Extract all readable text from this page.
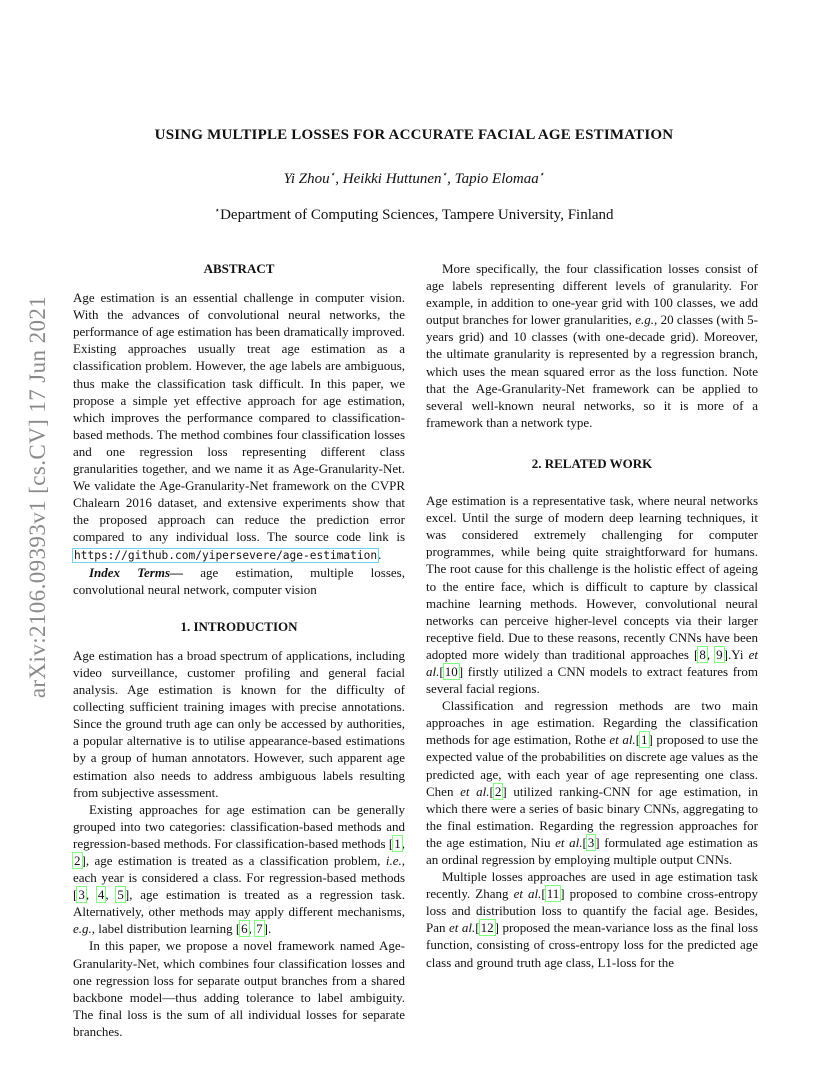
arXiv:2106.09393v1 [cs.CV] 17 Jun 2021
USING MULTIPLE LOSSES FOR ACCURATE FACIAL AGE ESTIMATION
Yi Zhou⋆, Heikki Huttunen⋆, Tapio Elomaa⋆
⋆Department of Computing Sciences, Tampere University, Finland
ABSTRACT

Age estimation is an essential challenge in computer vision. With the advances of convolutional neural networks, the performance of age estimation has been dramatically improved. Existing approaches usually treat age estimation as a classification problem. However, the age labels are ambiguous, thus make the classification task difficult. In this paper, we propose a simple yet effective approach for age estimation, which improves the performance compared to classification-based methods. The method combines four classification losses and one regression loss representing different class granularities together, and we name it as Age-Granularity-Net. We validate the Age-Granularity-Net framework on the CVPR Chalearn 2016 dataset, and extensive experiments show that the proposed approach can reduce the prediction error compared to any individual loss. The source code link is https://github.com/yipersevere/age-estimation.

Index Terms— age estimation, multiple losses, convolutional neural network, computer vision

1. INTRODUCTION

Age estimation has a broad spectrum of applications, including video surveillance, customer profiling and general facial analysis. Age estimation is known for the difficulty of collecting sufficient training images with precise annotations. Since the ground truth age can only be accessed by authorities, a popular alternative is to utilise appearance-based estimations by a group of human annotators. However, such apparent age estimation also needs to address ambiguous labels resulting from subjective assessment.

Existing approaches for age estimation can be generally grouped into two categories: classification-based methods and regression-based methods. For classification-based methods [1, 2], age estimation is treated as a classification problem, i.e., each year is considered a class. For regression-based methods [3, 4, 5], age estimation is treated as a regression task. Alternatively, other methods may apply different mechanisms, e.g., label distribution learning [6, 7].

In this paper, we propose a novel framework named Age-Granularity-Net, which combines four classification losses and one regression loss for separate output branches from a shared backbone model—thus adding tolerance to label ambiguity. The final loss is the sum of all individual losses for separate branches.

More specifically, the four classification losses consist of age labels representing different levels of granularity. For example, in addition to one-year grid with 100 classes, we add output branches for lower granularities, e.g., 20 classes (with 5-years grid) and 10 classes (with one-decade grid). Moreover, the ultimate granularity is represented by a regression branch, which uses the mean squared error as the loss function. Note that the Age-Granularity-Net framework can be applied to several well-known neural networks, so it is more of a framework than a network type.

2. RELATED WORK

Age estimation is a representative task, where neural networks excel. Until the surge of modern deep learning techniques, it was considered extremely challenging for computer programmes, while being quite straightforward for humans. The root cause for this challenge is the holistic effect of ageing to the entire face, which is difficult to capture by classical machine learning methods. However, convolutional neural networks can perceive higher-level concepts via their larger receptive field. Due to these reasons, recently CNNs have been adopted more widely than traditional approaches [8, 9].Yi et al.[10] firstly utilized a CNN models to extract features from several facial regions.

Classification and regression methods are two main approaches in age estimation. Regarding the classification methods for age estimation, Rothe et al.[1] proposed to use the expected value of the probabilities on discrete age values as the predicted age, with each year of age representing one class. Chen et al.[2] utilized ranking-CNN for age estimation, in which there were a series of basic binary CNNs, aggregating to the final estimation. Regarding the regression approaches for the age estimation, Niu et al.[3] formulated age estimation as an ordinal regression by employing multiple output CNNs.

Multiple losses approaches are used in age estimation task recently. Zhang et al.[11] proposed to combine cross-entropy loss and distribution loss to quantify the facial age. Besides, Pan et al.[12] proposed the mean-variance loss as the final loss function, consisting of cross-entropy loss for the predicted age class and ground truth age class, L1-loss for the
